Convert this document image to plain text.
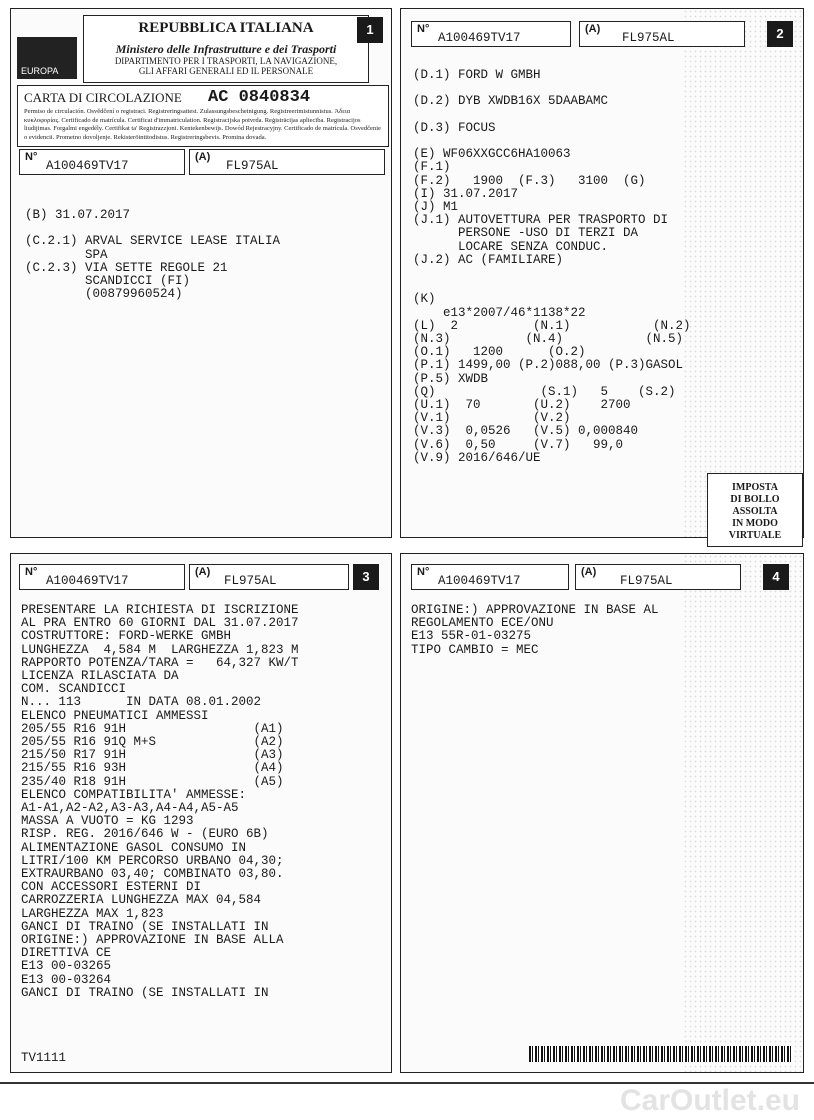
EUROPA
REPUBBLICA ITALIANA
Ministero delle Infrastrutture e dei Trasporti
DIPARTIMENTO PER I TRASPORTI, LA NAVIGAZIONE,
GLI AFFARI GENERALI ED IL PERSONALE
1
CARTA DI CIRCOLAZIONE AC 0840834
Permiso de circulación. Osvědčení o registraci. Registreringsattest. Zulassungsbescheinigung. Registreerimistunnistus. Άδεια κυκλοφορίας. Certificado de matrícula. Certificat d'immatriculation. Registracijska potvrda. Reģistrācijas apliecība. Registracijos liudijimas. Forgalmi engedély. Certifikat ta' Registrazzjoni. Kentekenbewijs. Dowód Rejestracyjny. Certificado de matrícula. Osvedčenie o evidencii. Prometno dovoljenje. Rekisteröintitodistus. Registreringsbevis. Promina dovada.
N°
A100469TV17
(A)
FL975AL
(B) 31.07.2017

(C.2.1) ARVAL SERVICE LEASE ITALIA
SPA
(C.2.3) VIA SETTE REGOLE 21
SCANDICCI (FI)
(00879960524)
N°
A100469TV17
(A)
FL975AL	2
(D.1) FORD W GMBH

(D.2) DYB XWDB16X 5DAABAMC

(D.3) FOCUS

(E) WF06XXGCC6HA10063
(F.1)
(F.2)   1900  (F.3)   3100  (G)
(I) 31.07.2017
(J) M1
(J.1) AUTOVETTURA PER TRASPORTO DI
PERSONE -USO DI TERZI DA
LOCARE SENZA CONDUC.
(J.2) AC (FAMILIARE)

(K)
e13*2007/46*1138*22
(L)  2          (N.1)           (N.2)
(N.3)          (N.4)           (N.5)
(O.1)   1200      (O.2)
(P.1) 1499,00 (P.2)088,00 (P.3)GASOL
(P.5) XWDB
(Q)              (S.1)   5    (S.2)
(U.1)  70       (U.2)    2700
(V.1)           (V.2)
(V.3)  0,0526   (V.5) 0,000840
(V.6)  0,50     (V.7)   99,0
(V.9) 2016/646/UE
IMPOSTA
DI BOLLO
ASSOLTA
IN MODO
VIRTUALE
N°
A100469TV17
(A)
FL975AL	3
PRESENTARE LA RICHIESTA DI ISCRIZIONE
AL PRA ENTRO 60 GIORNI DAL 31.07.2017
COSTRUTTORE: FORD-WERKE GMBH
LUNGHEZZA  4,584 M  LARGHEZZA 1,823 M
RAPPORTO POTENZA/TARA =   64,327 KW/T
LICENZA RILASCIATA DA
COM. SCANDICCI
N... 113      IN DATA 08.01.2002
ELENCO PNEUMATICI AMMESSI
205/55 R16 91H                 (A1)
205/55 R16 91Q M+S             (A2)
215/50 R17 91H                 (A3)
215/55 R16 93H                 (A4)
235/40 R18 91H                 (A5)
ELENCO COMPATIBILITA' AMMESSE:
A1-A1,A2-A2,A3-A3,A4-A4,A5-A5
MASSA A VUOTO = KG 1293
RISP. REG. 2016/646 W - (EURO 6B)
ALIMENTAZIONE GASOL CONSUMO IN
LITRI/100 KM PERCORSO URBANO 04,30;
EXTRAURBANO 03,40; COMBINATO 03,80.
CON ACCESSORI ESTERNI DI
CARROZZERIA LUNGHEZZA MAX 04,584
LARGHEZZA MAX 1,823
GANCI DI TRAINO (SE INSTALLATI IN
ORIGINE:) APPROVAZIONE IN BASE ALLA
DIRETTIVA CE
E13 00-03265
E13 00-03264
GANCI DI TRAINO (SE INSTALLATI IN
TV1111
N°
A100469TV17
(A)
FL975AL	4
ORIGINE:) APPROVAZIONE IN BASE AL
REGOLAMENTO ECE/ONU
E13 55R-01-03275
TIPO CAMBIO = MEC
CarOutlet.eu
